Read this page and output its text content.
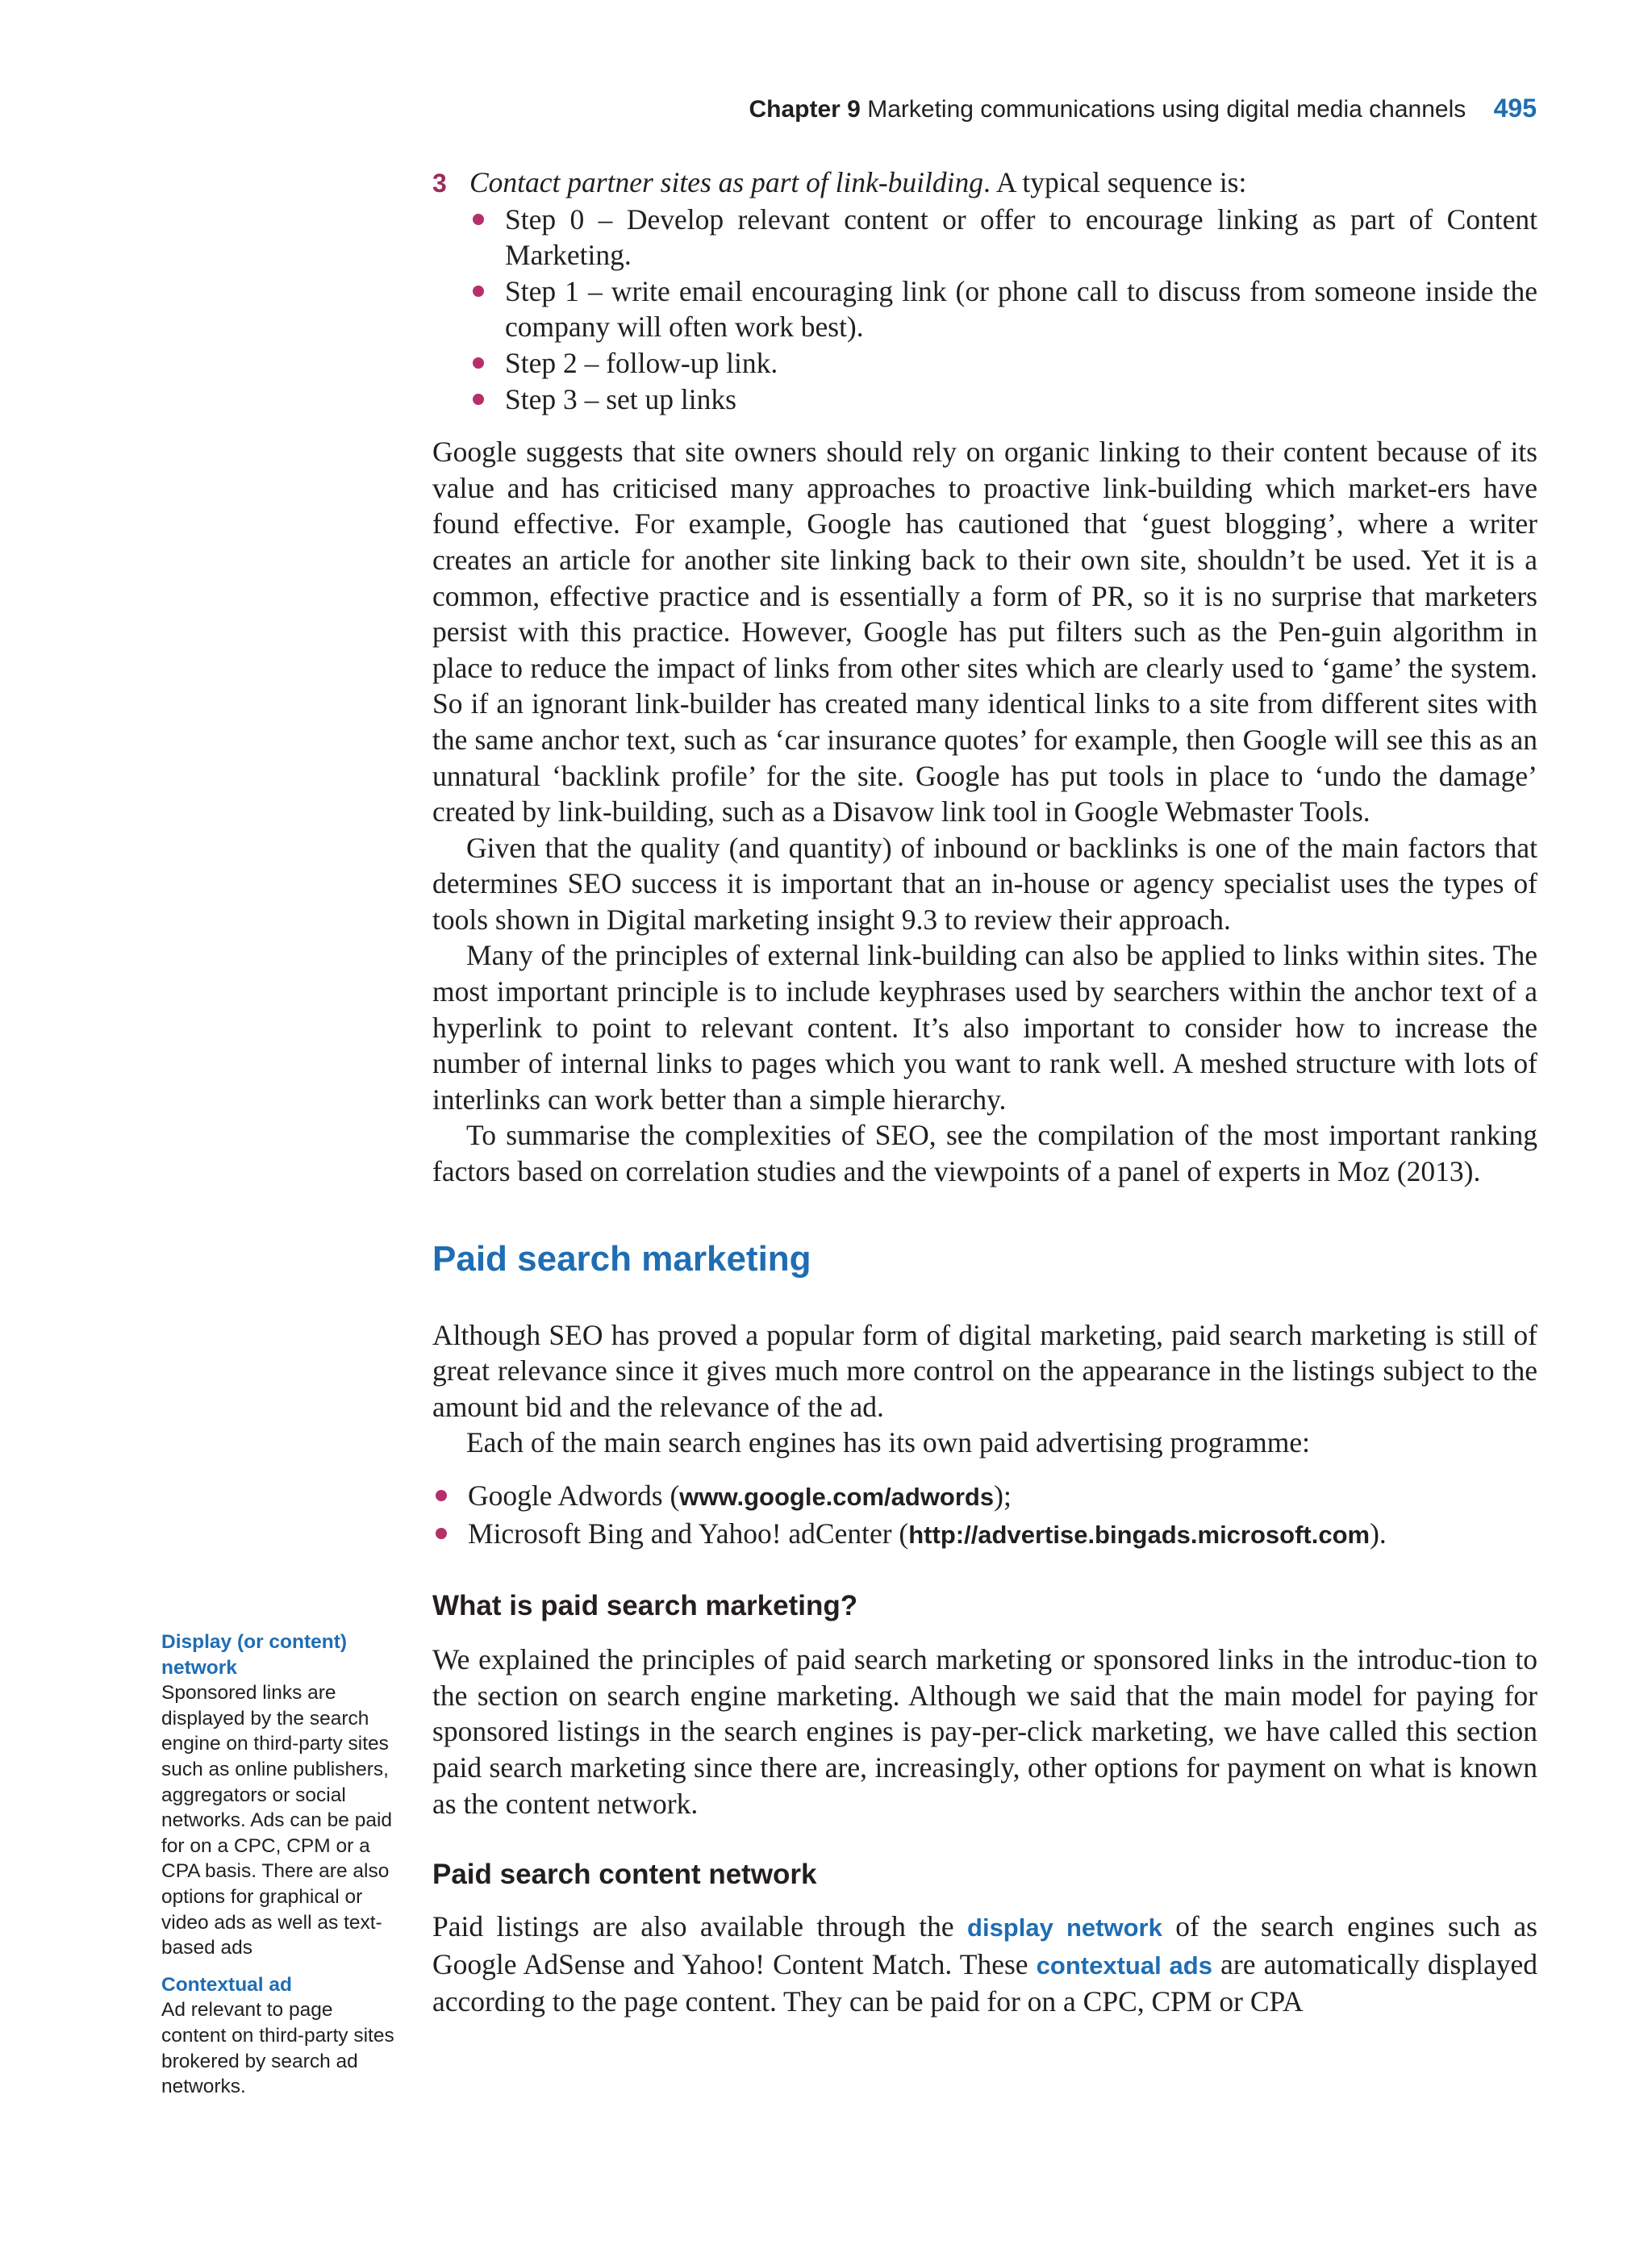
Chapter 9 Marketing communications using digital media channels 495

3 Contact partner sites as part of link-building. A typical sequence is:

Step 0 – Develop relevant content or offer to encourage linking as part of Content Marketing.
Step 1 – write email encouraging link (or phone call to discuss from someone inside the company will often work best).
Step 2 – follow-up link.
Step 3 – set up links

Google suggests that site owners should rely on organic linking to their content because of its value and has criticised many approaches to proactive link-building which market-ers have found effective. For example, Google has cautioned that ‘guest blogging’, where a writer creates an article for another site linking back to their own site, shouldn’t be used. Yet it is a common, effective practice and is essentially a form of PR, so it is no surprise that marketers persist with this practice. However, Google has put filters such as the Pen-guin algorithm in place to reduce the impact of links from other sites which are clearly used to ‘game’ the system. So if an ignorant link-builder has created many identical links to a site from different sites with the same anchor text, such as ‘car insurance quotes’ for example, then Google will see this as an unnatural ‘backlink profile’ for the site. Google has put tools in place to ‘undo the damage’ created by link-building, such as a Disavow link tool in Google Webmaster Tools.

Given that the quality (and quantity) of inbound or backlinks is one of the main factors that determines SEO success it is important that an in-house or agency specialist uses the types of tools shown in Digital marketing insight 9.3 to review their approach.

Many of the principles of external link-building can also be applied to links within sites. The most important principle is to include keyphrases used by searchers within the anchor text of a hyperlink to point to relevant content. It’s also important to consider how to increase the number of internal links to pages which you want to rank well. A meshed structure with lots of interlinks can work better than a simple hierarchy.

To summarise the complexities of SEO, see the compilation of the most important ranking factors based on correlation studies and the viewpoints of a panel of experts in Moz (2013).

Paid search marketing

Although SEO has proved a popular form of digital marketing, paid search marketing is still of great relevance since it gives much more control on the appearance in the listings subject to the amount bid and the relevance of the ad.

Each of the main search engines has its own paid advertising programme:

Google Adwords (www.google.com/adwords);
Microsoft Bing and Yahoo! adCenter (http://advertise.bingads.microsoft.com).
What is paid search marketing?

We explained the principles of paid search marketing or sponsored links in the introduc-tion to the section on search engine marketing. Although we said that the main model for paying for sponsored listings in the search engines is pay-per-click marketing, we have called this section paid search marketing since there are, increasingly, other options for payment on what is known as the content network.

Paid search content network

Paid listings are also available through the display network of the search engines such as Google AdSense and Yahoo! Content Match. These contextual ads are automatically displayed according to the page content. They can be paid for on a CPC, CPM or CPA

Display (or content) network
Sponsored links are displayed by the search engine on third-party sites such as online publishers, aggregators or social networks. Ads can be paid for on a CPC, CPM or a CPA basis. There are also options for graphical or video ads as well as text-based ads
Contextual ad
Ad relevant to page content on third-party sites brokered by search ad networks.
